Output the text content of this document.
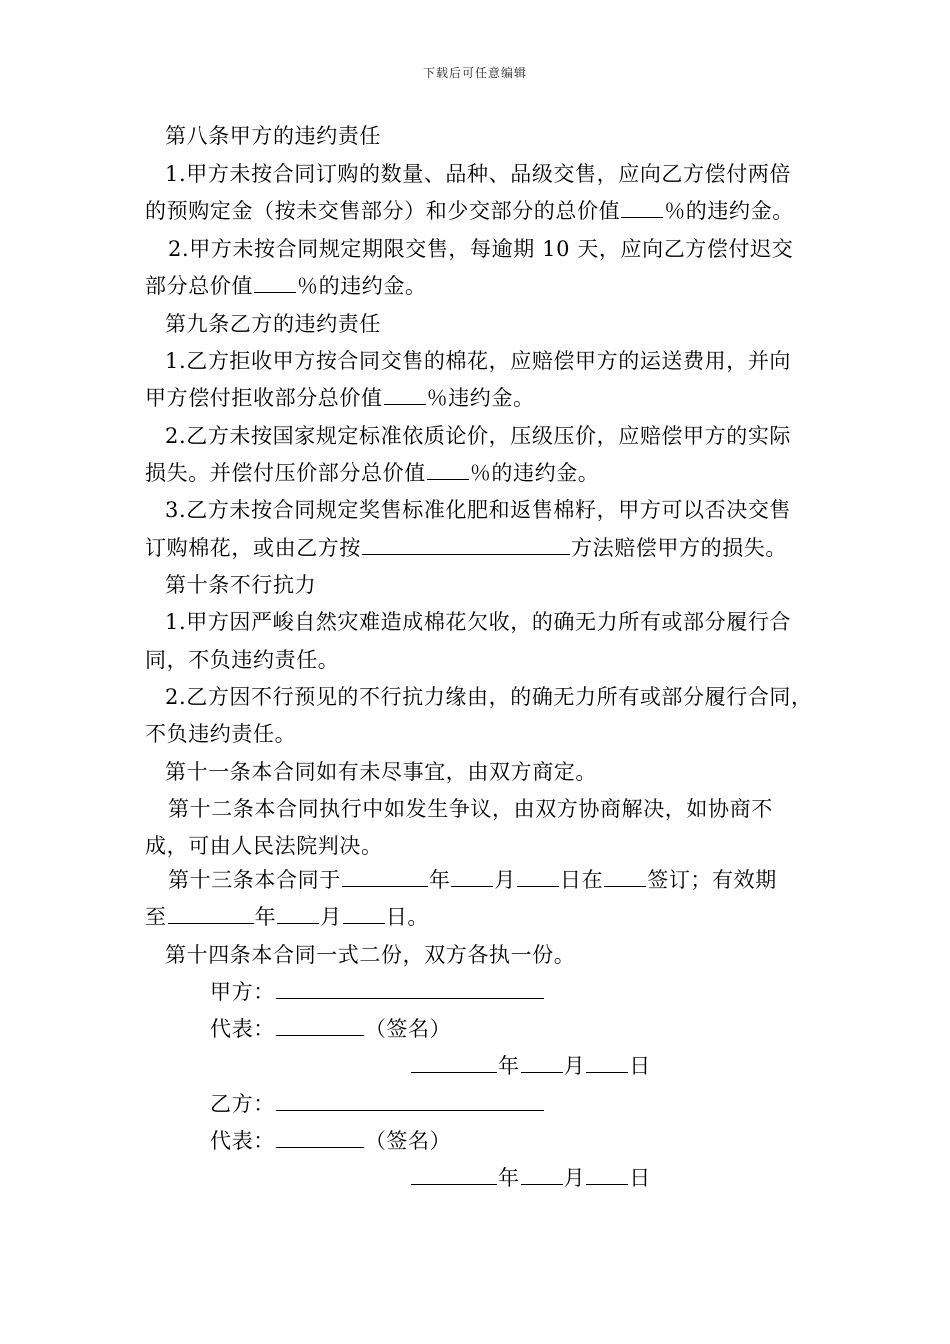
下载后可任意编辑
第八条甲方的违约责任
1.甲方未按合同订购的数量、品种、品级交售，应向乙方偿付两倍
的预购定金（按未交售部分）和少交部分的总价值 ％的违约金。
2.甲方未按合同规定期限交售，每逾期 10 天，应向乙方偿付迟交
部分总价值 ％的违约金。
第九条乙方的违约责任
1.乙方拒收甲方按合同交售的棉花，应赔偿甲方的运送费用，并向
甲方偿付拒收部分总价值 ％违约金。
2.乙方未按国家规定标准依质论价，压级压价，应赔偿甲方的实际
损失。并偿付压价部分总价值 ％的违约金。
3.乙方未按合同规定奖售标准化肥和返售棉籽，甲方可以否决交售
订购棉花，或由乙方按	方法赔偿甲方的损失。
第十条不行抗力
1.甲方因严峻自然灾难造成棉花欠收，的确无力所有或部分履行合
同，不负违约责任。
2.乙方因不行预见的不行抗力缘由，的确无力所有或部分履行合同，
不负违约责任。
第十一条本合同如有未尽事宜，由双方商定。
第十二条本合同执行中如发生争议，由双方协商解决，如协商不
成，可由人民法院判决。
第十三条本合同于	年 月 日在 签订；有效期
至	年 月 日。
第十四条本合同一式二份，双方各执一份。
甲方：
代表：	（签名）
年 月 日
乙方：
代表：	（签名）
年 月 日
